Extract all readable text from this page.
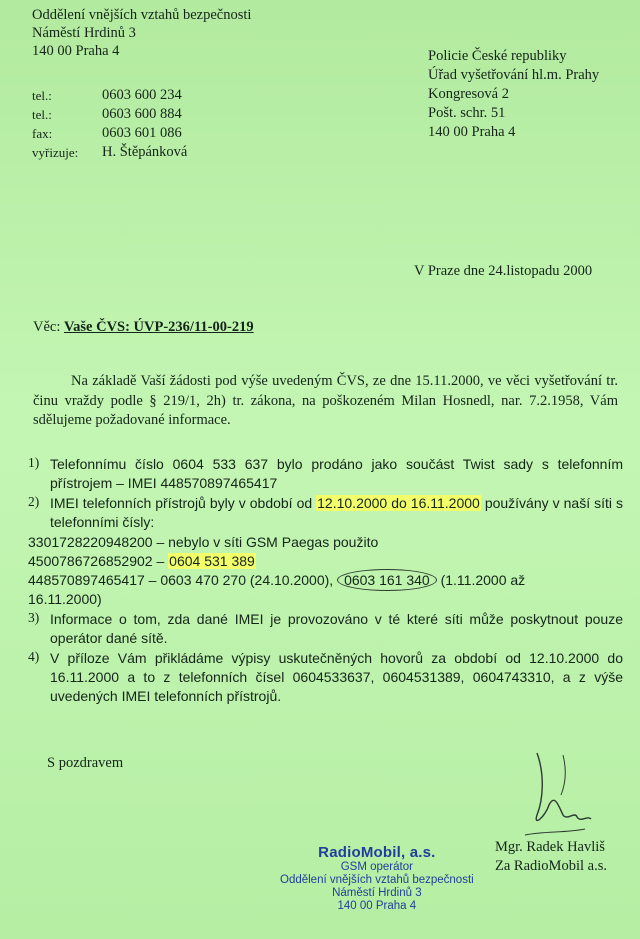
Oddělení vnějších vztahů bezpečnosti
Náměstí Hrdinů 3
140 00 Praha 4
tel.:	0603 600 234
tel.:	0603 600 884
fax:	0603 601 086
vyřizuje:	H. Štěpánková
Policie České republiky
Úřad vyšetřování hl.m. Prahy
Kongresová 2
Pošt. schr. 51
140 00 Praha 4
V Praze dne 24.listopadu 2000
Věc: Vaše ČVS: ÚVP-236/11-00-219
Na základě Vaší žádosti pod výše uvedeným ČVS, ze dne 15.11.2000, ve věci vyšetřování tr. činu vraždy podle § 219/1, 2h) tr. zákona, na poškozeném Milan Hosnedl, nar. 7.2.1958, Vám sdělujeme požadované informace.
1) Telefonnímu číslo 0604 533 637 bylo prodáno jako součást Twist sady s telefonním přístrojem – IMEI 448570897465417
2) IMEI telefonních přístrojů byly v období od 12.10.2000 do 16.11.2000 používány v naší síti s telefonními čísly:
3301728220948200 – nebylo v síti GSM Paegas použito
4500786726852902 – 0604 531 389
448570897465417 – 0603 470 270 (24.10.2000), 0603 161 340 (1.11.2000 až
16.11.2000)
3) Informace o tom, zda dané IMEI je provozováno v té které síti může poskytnout pouze operátor dané sítě.
4) V příloze Vám přikládáme výpisy uskutečněných hovorů za období od 12.10.2000 do 16.11.2000 a to z telefonních čísel 0604533637, 0604531389, 0604743310, a z výše uvedených IMEI telefonních přístrojů.
S pozdravem
RadioMobil, a.s.
GSM operátor
Oddělení vnějších vztahů bezpečnosti
Náměstí Hrdinů 3
140 00 Praha 4
Mgr. Radek Havliš
Za RadioMobil a.s.
